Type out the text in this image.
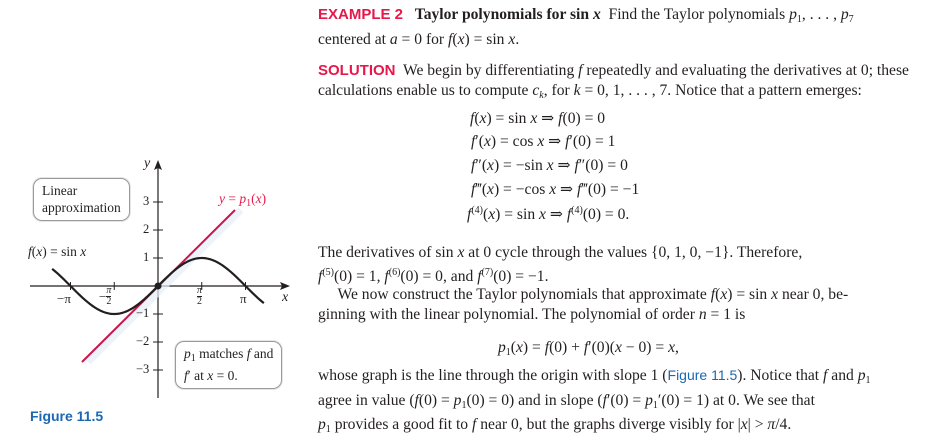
$-\pi - \frac{\pi}{2}$	π
2	π	x
y
3
2
1
−1
−2
−3
f(x) = sin x
$y = p_1(x)$
Linear
approximation
$p_1$ matches f and
f′ at x = 0.
Figure 11.5
EXAMPLE 2 Taylor polynomials for sin x Find the Taylor polynomials $p_1$, . . . , $p_7$
centered at a = 0 for f(x) = sin x.
SOLUTION  We begin by differentiating f repeatedly and evaluating the derivatives at 0; these
calculations enable us to compute $c_k$, for k = 0, 1, . . . , 7. Notice that a pattern emerges:
f(x) = sin x ⇒ f(0) = 0
f′(x) = cos x ⇒ f′(0) = 1
f″(x) = −sin x ⇒ f″(0) = 0
f‴(x) = −cos x ⇒ f‴(0) = −1
$f^{(4)}(x) = \sin x$ ⇒ $f^{(4)}(0) = 0$.
The derivatives of sin x at 0 cycle through the values {0, 1, 0, −1}. Therefore,
$f^{(5)}(0) = 1$, $f^{(6)}(0) = 0$, and $f^{(7)}(0) = -1$.
We now construct the Taylor polynomials that approximate f(x) = sin x near 0, be-
ginning with the linear polynomial. The polynomial of order n = 1 is
$p_1(x) = f(0) + f'(0)(x - 0) = x$,
whose graph is the line through the origin with slope 1 (Figure 11.5). Notice that f and $p_1$
agree in value $(f(0) = p_1(0) = 0)$ and in slope $(f'(0) = p_1'(0) = 1)$ at 0. We see that
$p_1$ provides a good fit to f near 0, but the graphs diverge visibly for |x| > π/4.
